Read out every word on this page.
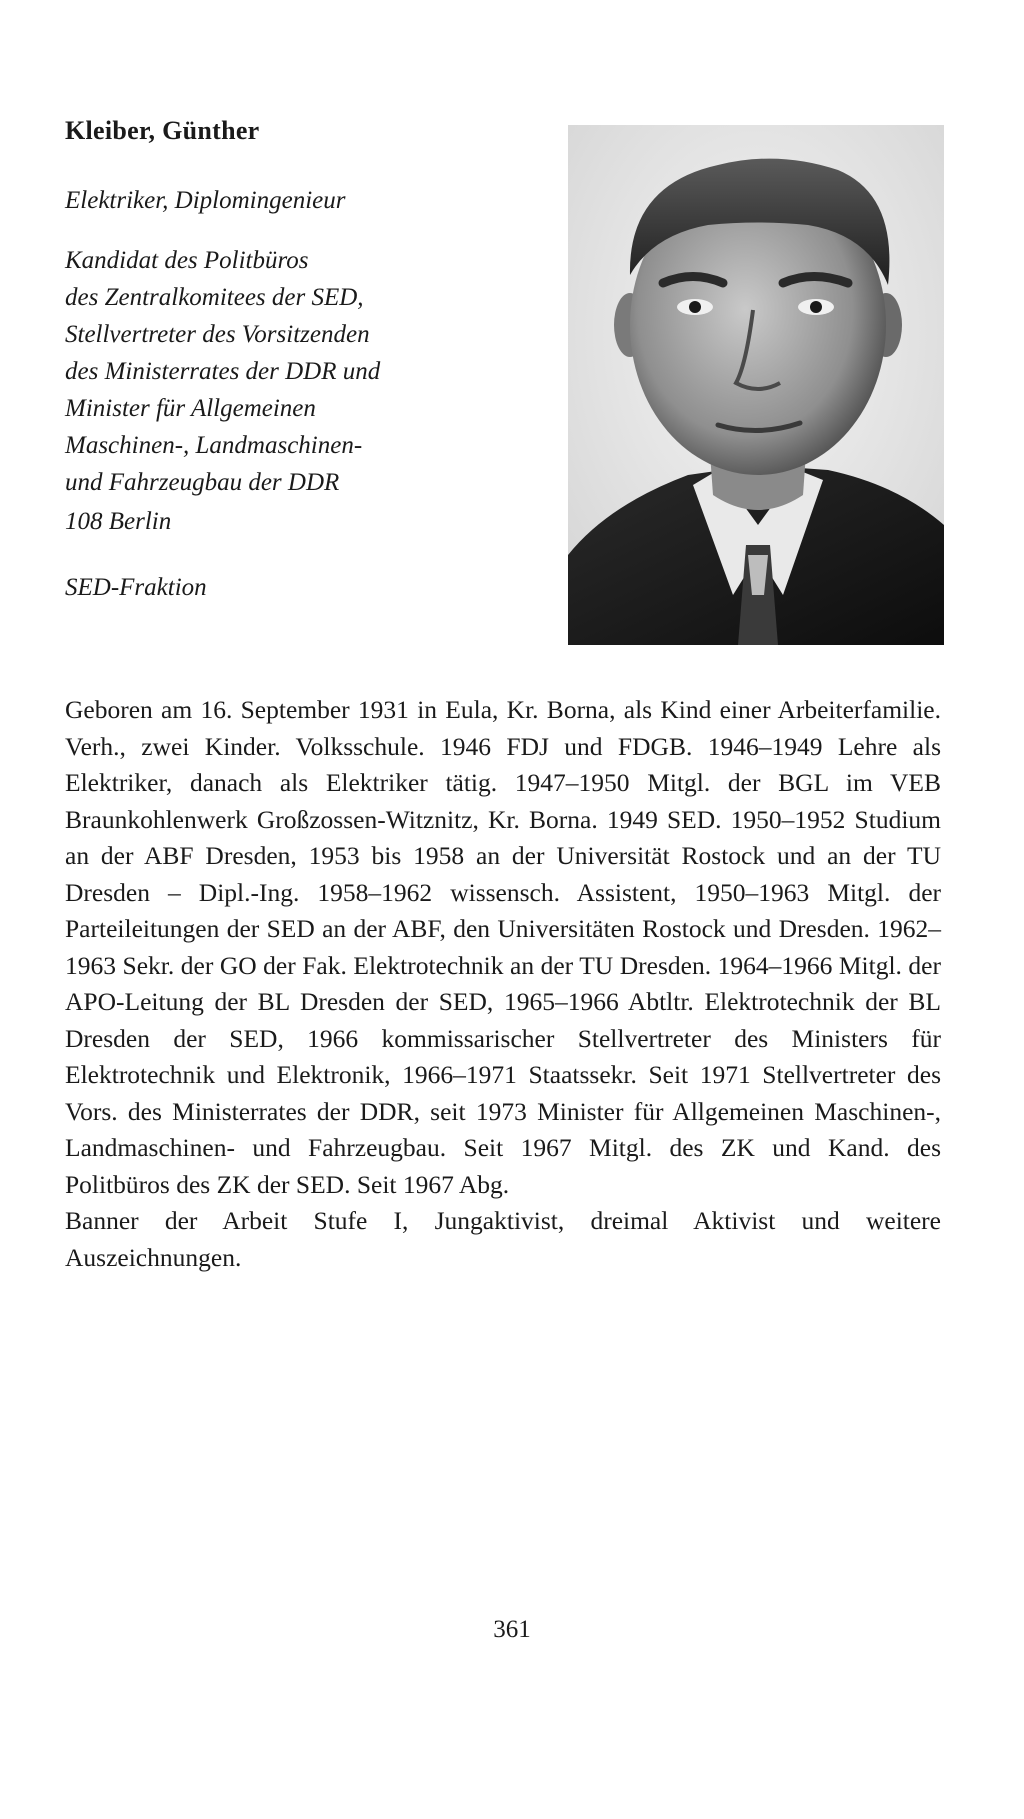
Kleiber, Günther

Elektriker, Diplomingenieur

Kandidat des Politbüros
des Zentralkomitees der SED,
Stellvertreter des Vorsitzenden
des Ministerrates der DDR und
Minister für Allgemeinen
Maschinen-, Landmaschinen-
und Fahrzeugbau der DDR

108 Berlin

SED-Fraktion

Geboren am 16. September 1931 in Eula, Kr. Borna, als Kind einer Arbeiterfamilie. Verh., zwei Kinder. Volksschule. 1946 FDJ und FDGB. 1946–1949 Lehre als Elektriker, danach als Elektriker tätig. 1947–1950 Mitgl. der BGL im VEB Braunkohlenwerk Großzossen-Witznitz, Kr. Borna. 1949 SED. 1950–1952 Studium an der ABF Dresden, 1953 bis 1958 an der Universität Rostock und an der TU Dresden – Dipl.-Ing. 1958–1962 wissensch. Assistent, 1950–1963 Mitgl. der Parteileitungen der SED an der ABF, den Universitäten Rostock und Dresden. 1962–1963 Sekr. der GO der Fak. Elektrotechnik an der TU Dresden. 1964–1966 Mitgl. der APO-Leitung der BL Dresden der SED, 1965–1966 Abtltr. Elektrotechnik der BL Dresden der SED, 1966 kommissarischer Stellvertreter des Ministers für Elektrotechnik und Elektronik, 1966–1971 Staatssekr. Seit 1971 Stellvertreter des Vors. des Ministerrates der DDR, seit 1973 Minister für Allgemeinen Maschinen-, Landmaschinen- und Fahrzeugbau. Seit 1967 Mitgl. des ZK und Kand. des Politbüros des ZK der SED. Seit 1967 Abg.

Banner der Arbeit Stufe I, Jungaktivist, dreimal Aktivist und weitere Auszeichnungen.

361
